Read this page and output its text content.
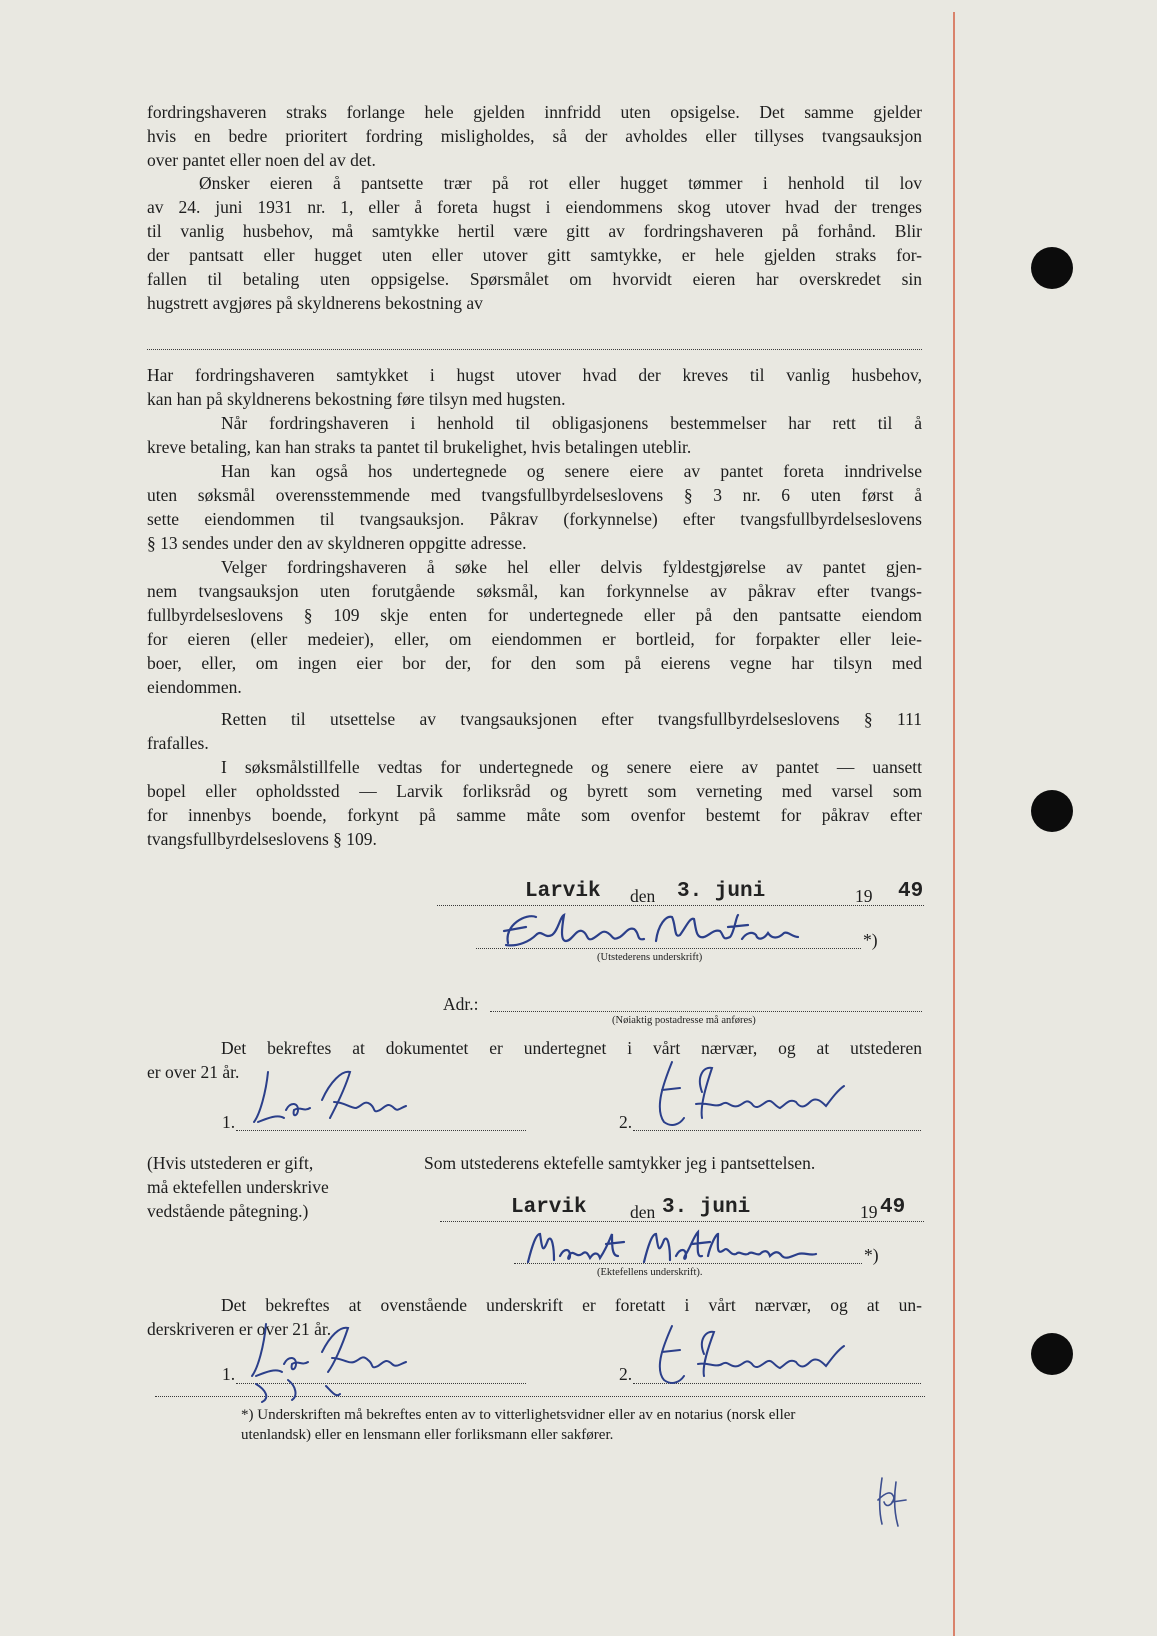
fordringshaveren straks forlange hele gjelden innfridd uten opsigelse. Det samme gjelder
hvis en bedre prioritert fordring misligholdes, så der avholdes eller tillyses tvangsauksjon
over pantet eller noen del av det.
Ønsker eieren å pantsette trær på rot eller hugget tømmer i henhold til lov
av 24. juni 1931 nr. 1, eller å foreta hugst i eiendommens skog utover hvad der trenges
til vanlig husbehov, må samtykke hertil være gitt av fordringshaveren på forhånd. Blir
der pantsatt eller hugget uten eller utover gitt samtykke, er hele gjelden straks for-
fallen til betaling uten oppsigelse. Spørsmålet om hvorvidt eieren har overskredet sin
hugstrett avgjøres på skyldnerens bekostning av
Har fordringshaveren samtykket i hugst utover hvad der kreves til vanlig husbehov,
kan han på skyldnerens bekostning føre tilsyn med hugsten.
Når fordringshaveren i henhold til obligasjonens bestemmelser har rett til å
kreve betaling, kan han straks ta pantet til brukelighet, hvis betalingen uteblir.
Han kan også hos undertegnede og senere eiere av pantet foreta inndrivelse
uten søksmål overensstemmende med tvangsfullbyrdelseslovens § 3 nr. 6 uten først å
sette eiendommen til tvangsauksjon. Påkrav (forkynnelse) efter tvangsfullbyrdelseslovens
§ 13 sendes under den av skyldneren oppgitte adresse.
Velger fordringshaveren å søke hel eller delvis fyldestgjørelse av pantet gjen-
nem tvangsauksjon uten forutgående søksmål, kan forkynnelse av påkrav efter tvangs-
fullbyrdelseslovens § 109 skje enten for undertegnede eller på den pantsatte eiendom
for eieren (eller medeier), eller, om eiendommen er bortleid, for forpakter eller leie-
boer, eller, om ingen eier bor der, for den som på eierens vegne har tilsyn med
eiendommen.
Retten til utsettelse av tvangsauksjonen efter tvangsfullbyrdelseslovens § 111
frafalles.
I søksmålstillfelle vedtas for undertegnede og senere eiere av pantet — uansett
bopel eller opholdssted — Larvik forliksråd og byrett som verneting med varsel som
for innenbys boende, forkynt på samme måte som ovenfor bestemt for påkrav efter
tvangsfullbyrdelseslovens § 109.
Larvik den 3. juni	19 49
*)
(Utstederens underskrift)
Adr.:
(Nøiaktig postadresse må anføres)
Det bekreftes at dokumentet er undertegnet i vårt nærvær, og at utstederen
er over 21 år.
1.	2.
(Hvis utstederen er gift,
må ektefellen underskrive
vedstående påtegning.)
Som utstederens ektefelle samtykker jeg i pantsettelsen.
Larvik den 3. juni	19 49
*)
(Ektefellens underskrift).
Det bekreftes at ovenstående underskrift er foretatt i vårt nærvær, og at un-
derskriveren er over 21 år.
1.	2.
*) Underskriften må bekreftes enten av to vitterlighetsvidner eller av en notarius (norsk eller
utenlandsk) eller en lensmann eller forliksmann eller sakfører.
